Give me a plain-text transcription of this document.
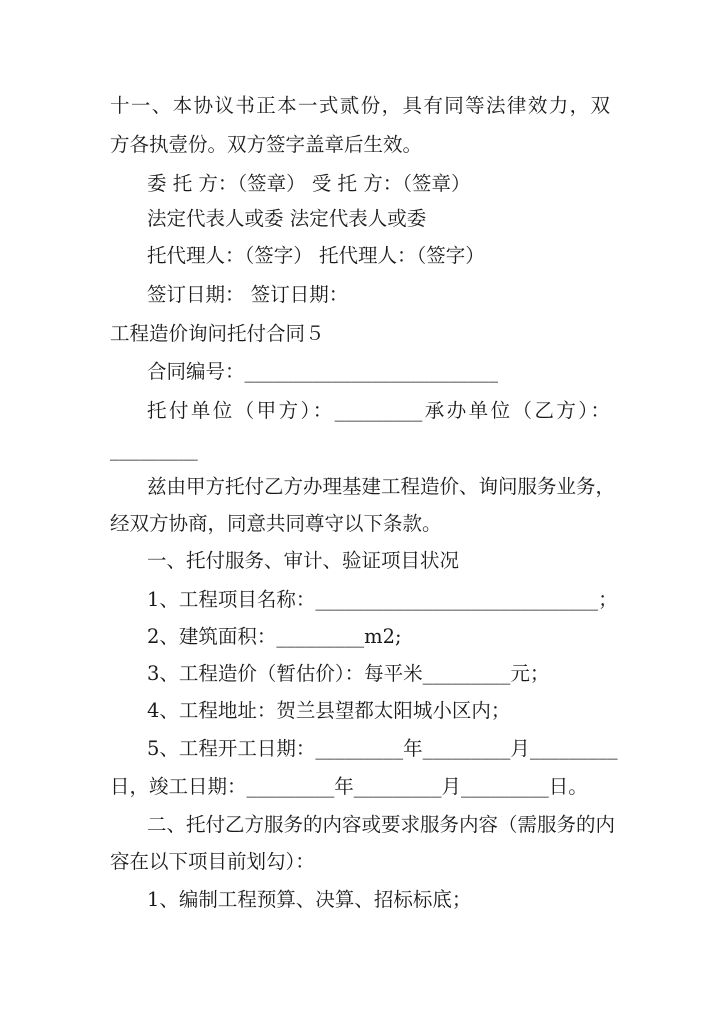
十一、本协议书正本一式贰份，具有同等法律效力，双
方各执壹份。双方签字盖章后生效。
委 托 方：（签章） 受 托 方：（签章）
法定代表人或委 法定代表人或委
托代理人：（签字） 托代理人：（签字）
签订日期： 签订日期：
工程造价询问托付合同５
合同编号：__________________________
托付单位（甲方）：_________承办单位（乙方）：
_________
兹由甲方托付乙方办理基建工程造价、询问服务业务，
经双方协商，同意共同尊守以下条款。
一、托付服务、审计、验证项目状况
1、工程项目名称：_____________________________；
2、建筑面积：_________m2;
3、工程造价（暂估价）：每平米_________元；
4、工程地址：贺兰县望都太阳城小区内；
5、工程开工日期：_________年_________月_________
日，竣工日期：_________年_________月_________日。
二、托付乙方服务的内容或要求服务内容（需服务的内
容在以下项目前划勾）：
1、编制工程预算、决算、招标标底；
